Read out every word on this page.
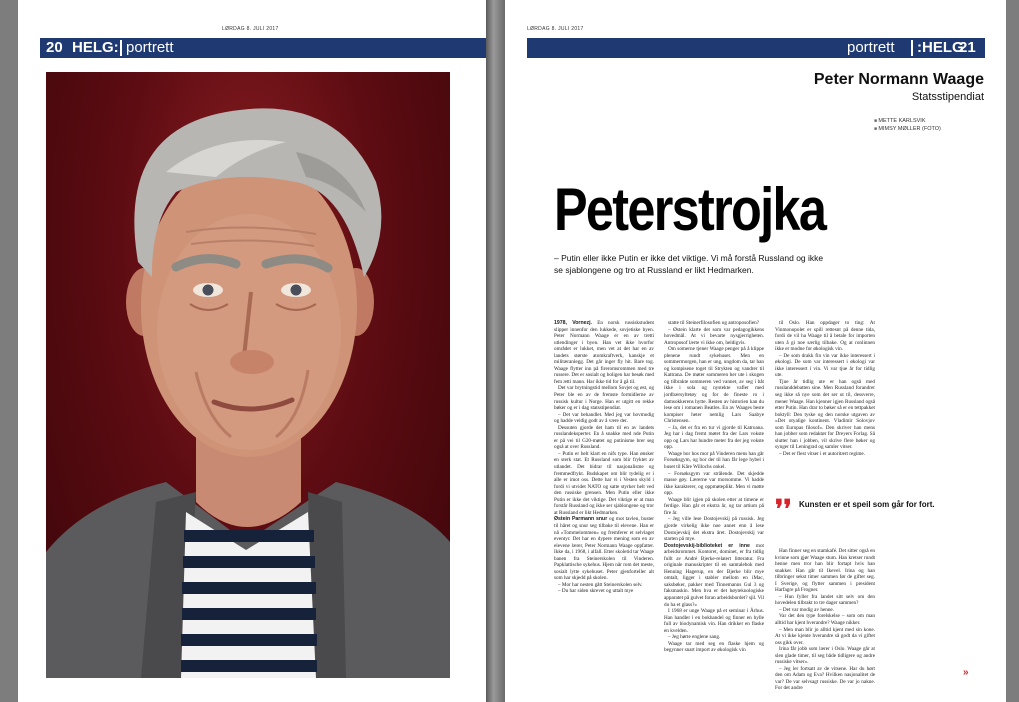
LØRDAG 8. JULI 2017
20 HELG: portrett
LØRDAG 8. JULI 2017
portrett :HELG
21
Peter Normann Waage
Statsstipendiat
■ METTE KARLSVIK
■ MIMSY MØLLER (FOTO)
Peterstrojka
– Putin eller ikke Putin er ikke det viktige. Vi må forstå Russland og ikke se sjablongene og tro at Russland er likt Hedmarken.

1978, Vornezj. En norsk russiskstudent slipper innenfor den lukkede, sovjetiske byen. Peter Normann Waage er en av tretti utlendinger i byen. Han vet ikke hvorfor området er lukket, men vet at det har en av landets største atomkraftverk, kanskje et militæranlegg. Det går inger fly hit. Bare tog. Waage flytter inn på fireromsrommen med tre russere. Det er sosialt og boligen har besøk med fem ætti mann. Har ikke tid for å gå til.

Det var brytningstid mellom Sovjet og øst, og Peter ble en av de fremste formidlerne av russisk kultur i Norge. Han er utgitt en rekke bøker og er i dag statsstipendiat.

– Det var behandlet. Med jeg var hovmodig og hadde veldig godt av å være der.

Dessuten gjorde det ham til en av landets russlandeksperter. En å snakke med nde Putin er på vei til G20-møtet og putinisme brer seg også at over Russland.

– Putin er helt klart en nifs type. Han ønsker en sterk stat. Et Russland som blir fryktet av utlandet. Det bidrar til nasjonalisme og fremmedfrykt. Budskapet om blir tydelig er i alle er imot oss. Dette har vi i Vesten skyld i fordi vi utvidet NATO og satte styrker helt ved den russiske grensen. Men Putin eller ikke Putin er ikke det viktige. Det viktige er at man forstår Russland og ikke ser sjablongene og tror at Russland er likt Hedmarken.

Østein Parmann snur og mot tavlen, buster til håret og snur seg tilbake til elevene. Han er nå «Tommelommen» og fremferer et selvlaget eventyr. Det har en dypere mening som en av elevene lærer, Peter Normann Waage oppfatter. Ikke da, i 1968, i alfall. Etter skoletid tar Waage banen fra Steinerskolen til Vinderen. Papklattische sykehus. Hjem når rom det meste, sosialt lytte sykehuset. Peter gjenforteller alt som har skjedd på skolen.

– Mor har nesten gått Steinerskolen selv.

– Du har siden skrevet og uttalt mye

statte til Steinerfilosofien og antroposofien?

– Østein klarte det som var pedagogikkens hovedmål. At vi bevarte nysgjerrigheten. Antroposof lærte vi ikke om, heldigvis.

Om somerne tjener Waage penger på å klippe plenene rundt sykehuset. Men en sommermorgen, han er ung, ungdom da, tar han og kompisene toget til Strykten og vandrer til Kattrana. De møter sommeren her ute i skogen og tilbrakte sommeren ved vannet, av seg i båt ikke i sola og nystekte vafler med jordbærsyltetøy og for de fineste ro i damsokkerens hytte. Resten av historien kan du lese om i romanen Beatles. En av Waages beste kompiser heter nemlig Lars Saabye Christensen.

– Ja, det er fra en tur vi gjorde til Katroana. Jeg har i dag fremt møtet fra der Lars vokste opp og Lars har hundre meter fra der jeg vokste opp.

Waage bor hos mor på Vinderen mens han går Forsøksgym, og bor der til han får lege hybel i huset til Kåre Willochs onkel.

– Forsøksgym var strålende. Det skjedde masse gøy. Lærerne var morsomme. Vi hadde ikke karakterer, og oppmøteplikt. Men vi møtte opp.

Waage blir igjen på skolen etter at timene er ferdige. Han går et ekstra år, og tar artium på fire år.

– Jeg ville lese Dostojevskij på russisk. Jeg gjorde virkelig ikke noe annet enn å lese Dostojevskij det ekstra året. Dostojevskij var starten på mye.

Dostojevskij-biblioteket er inne mot arbeidsrommet. Kontoret, dominet, er fra tidlig fullt av André Bjerke-relatert litteratur. Fra originale manuskripter til en samtalebok med Henning Hagerup, en der Bjerke blir mye omtalt, ligger i stabler mellom en iMac, saksbøker, pakker med Tinnemanns Gul 3 og faksmaskin. Men hva er det høyteknologiske apparatet på gulvet foran arbeidsbordet? sjil. Vil du ha et glass?»

I 1968 er unge Waage på et seminar i Århus. Han handler i en bokhandel og finner en hylle full av biodynamisk vin. Han drikker en flaske en kvelden.

– Jeg hørte englene sang.

Waage tar med seg en flaske hjem og begynner snart import av økologisk vin

til Oslo. Han oppdager to ting: At Vinmonopolet er spill rettesnt på denne tida, fordi de vil ha Waage til å betale for importen uten å gi noe særlig tilbake. Og at ronlinnen ikke er modne for økologisk vin.

– De som drakk fin vin var ikke interessert i økologi. De som var interessert i økologi var ikke interessert i vin. Vi var tjue år for tidlig ute.

Tjue år tidlig ute er han også med russlanddebatten sine. Men Russland forandrer seg ikke så nye som det ser ut til, dessverre, mener Waage. Han kjenner igjen Russland også etter Putin. Han drar to bøker så er en tettpakket boktyll: Den tyske og den norske utgaven av «Det utyalige kontinent. Vladimir Solovjov som Europas filosof». Den skriver han mens han jobber som redaktør for Dreyers Forlag. Så slutter han i jobben, vil skrive flere bøker og synger til Leningrad og samler vitser.

– Det er flest vitser i et autoritært regime.

Han finner seg en stamkafé. Det sitter også en kvinne som gjør Waage stum. Han kretser rundt henne men tror han blir fortapt hvis han snakker. Han går til Ikevel. Irina og han tilbringer sekst timer sammen før de gifter seg. I Sverige, og flytter sammen i president Harfagre på Frogner.

– Hun fyller fra landet sitt selv om den hovedelen tilbrakt to tre dager sammen?

– Det var modig av henne.

Var det den type forelskelse – som om man alltid har kjent hverandre? Waage nikker.

– Men man blir jo alltid kjent med sin kone. At vi ikke kjente hverandre så godt da vi giftet oss gikk over.

Irina får jobb som lærer i Oslo. Waage går at slen glade timer, til seg både tidligere og andre russiske vitser».

– Jeg ler fortsatt av de vitsene. Har du hørt den om Adam og Eva? Hvilken nasjonalitet de var? De var selvsagt russiske. De var jo nakne. For det andre

❜❜ Kunsten er et speil som går for fort.
»
